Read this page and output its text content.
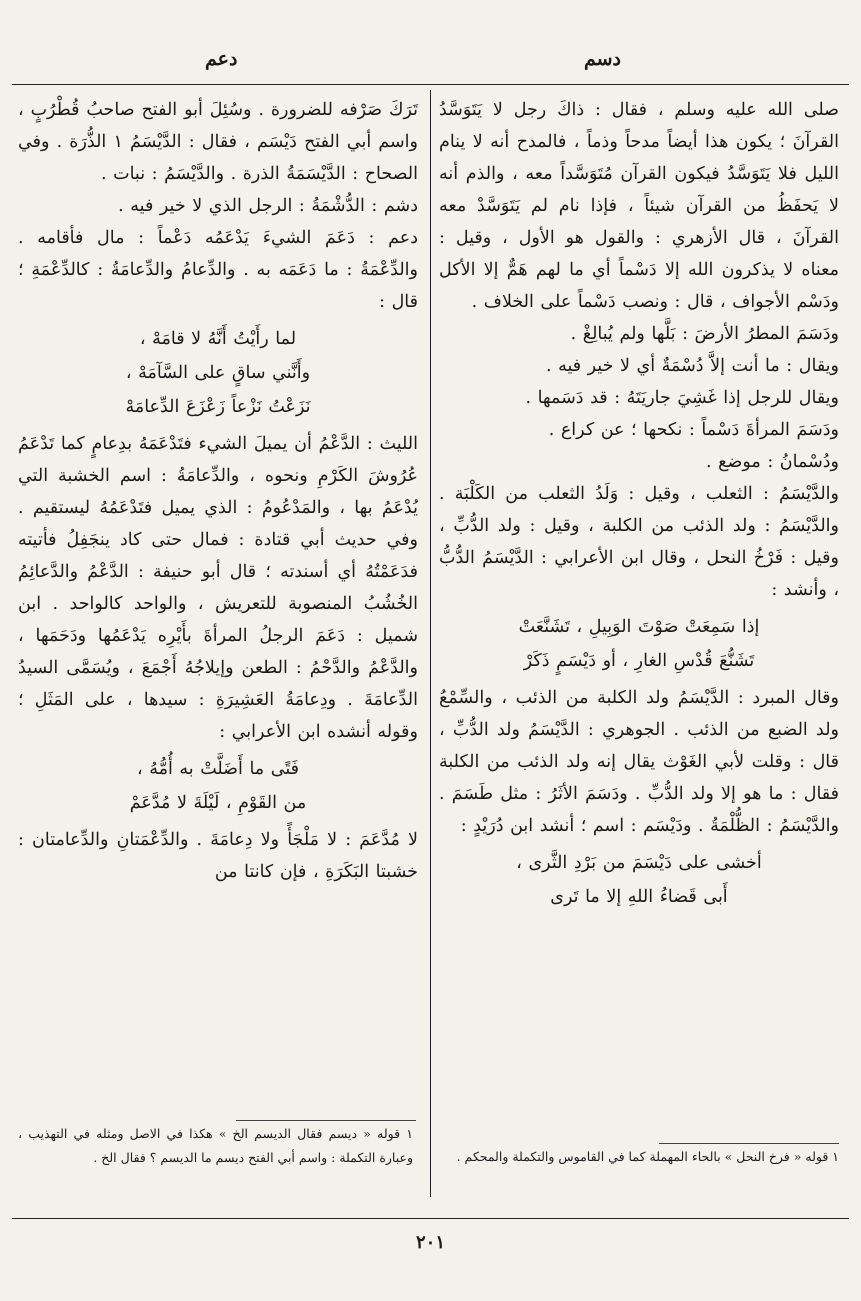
دسم
دعم

صلى الله عليه وسلم ، فقال : ذاكَ رجل لا يَتَوَسَّدُ القرآنَ ؛ يكون هذا أيضاً مدحاً وذماً ، فالمدح أنه لا ينام الليل فلا يَتَوَسَّدُ فيكون القرآن مُتَوَسَّداً معه ، والذم أنه لا يَحفَظُ من القرآن شيئاً ، فإذا نام لم يَتَوَسَّدْ معه القرآنَ ، قال الأزهري : والقول هو الأول ، وقيل : معناه لا يذكرون الله إلا دَسْماً أي ما لهم هَمٌّ إلا الأكل ودَسْم الأجواف ، قال : ونصب دَسْماً على الخلاف .

ودَسَمَ المطرُ الأرضَ : بَلَّها ولم يُبالِغْ .

ويقال : ما أنت إلاَّ دُسْمَةٌ أي لا خير فيه .

ويقال للرجل إذا غَشِيَ جاريَتَهُ : قد دَسَمها .

ودَسَمَ المرأةَ دَسْماً : نكحها ؛ عن كراع .

ودُسْمانُ : موضع .

والدَّيْسَمُ : الثعلب ، وقيل : وَلَدُ الثعلب من الكَلْبَة . والدَّيْسَمُ : ولد الذئب من الكلبة ، وقيل : ولد الدُّبِّ ، وقيل : فَرْخُ النحل ، وقال ابن الأعرابي : الدَّيْسَمُ الدُّبُّ ، وأنشد :

إذا سَمِعَتْ صَوْتَ الوَبِيلِ ، تَشَنَّعَتْ
تَشَنُّعَ قُدْسِ الغارِ ، أو دَيْسَمٍ ذَكَرْ

وقال المبرد : الدَّيْسَمُ ولد الكلبة من الذئب ، والسِّمْعُ ولد الضبع من الذئب . الجوهري : الدَّيْسَمُ ولد الدُّبِّ ، قال : وقلت لأبي الغَوْث يقال إنه ولد الذئب من الكلبة فقال : ما هو إلا ولد الدُّبِّ . ودَسَمَ الأثَرُ : مثل طَسَمَ . والدَّيْسَمُ : الظُّلْمَةُ . ودَيْسَم : اسم ؛ أنشد ابن دُرَيْدٍ :

أخشى على دَيْسَمَ من بَرْدِ الثَّرى ،
أَبى قَضاءُ اللهِ إلا ما تَرى

تَرَكَ صَرْفه للضرورة . وسُئِلَ أبو الفتح صاحبُ قُطْرُبٍ ، واسم أبي الفتح دَيْسَم ، فقال : الدَّيْسَمُ ١ الذُّرَة . وفي الصحاح : الدَّيْسَمَةُ الذرة . والدَّيْسَمُ : نبات .

دشم : الدُّشْمَةُ : الرجل الذي لا خير فيه .

دعم : دَعَمَ الشيءَ يَدْعَمُه دَعْماً : مال فأقامه . والدِّعْمَةُ : ما دَعَمَه به . والدِّعامُ والدِّعامَةُ : كالدِّعْمَةِ ؛ قال :

لما رأَيْتُ أَنَّهُ لا قامَهْ ،
وأَنَّني ساقٍ على السَّآمَهْ ،
نَزَعْتُ نَزْعاً زَعْزَعَ الدِّعامَهْ

الليث : الدَّعْمُ أن يميلَ الشيء فتَدْعَمَهُ بدِعامٍ كما تَدْعَمُ عُرُوشَ الكَرْمِ ونحوه ، والدِّعامَةُ : اسم الخشبة التي يُدْعَمُ بها ، والمَدْعُومُ : الذي يميل فتَدْعَمُهُ ليستقيم . وفي حديث أبي قتادة : فمال حتى كاد ينجَفِلُ فأتيته فدَعَمْتُهُ أي أسندته ؛ قال أبو حنيفة : الدَّعْمُ والدَّعائِمُ الخُشُبُ المنصوبة للتعريش ، والواحد كالواحد . ابن شميل : دَعَمَ الرجلُ المرأةَ بأَيْرِه يَدْعَمُها ودَحَمَها ، والدَّعْمُ والدَّحْمُ : الطعن وإيلاجُهُ أَجْمَعَ ، ويُسَمَّى السيدُ الدِّعامَةَ . ودِعامَةُ العَشِيرَةِ : سيدها ، على المَثَلِ ؛ وقوله أنشده ابن الأعرابي :

فَتًى ما أَضَلَّتْ به أُمُّهُ ،
من القَوْمِ ، لَيْلَةَ لا مُدَّعَمْ

لا مُدَّعَمَ : لا مَلْجَأً ولا دِعامَةَ . والدِّعْمَتانِ والدِّعامتان : خشبتا البَكَرَةِ ، فإن كانتا من

١ قوله « فرخ النحل » بالحاء المهملة كما في القاموس والتكملة والمحكم .
١ قوله « ديسم فقال الديسم الخ » هكذا في الاصل ومثله في التهذيب ، وعبارة التكملة : واسم أبي الفتح ديسم ما الديسم ؟ فقال الخ .
٢٠١
